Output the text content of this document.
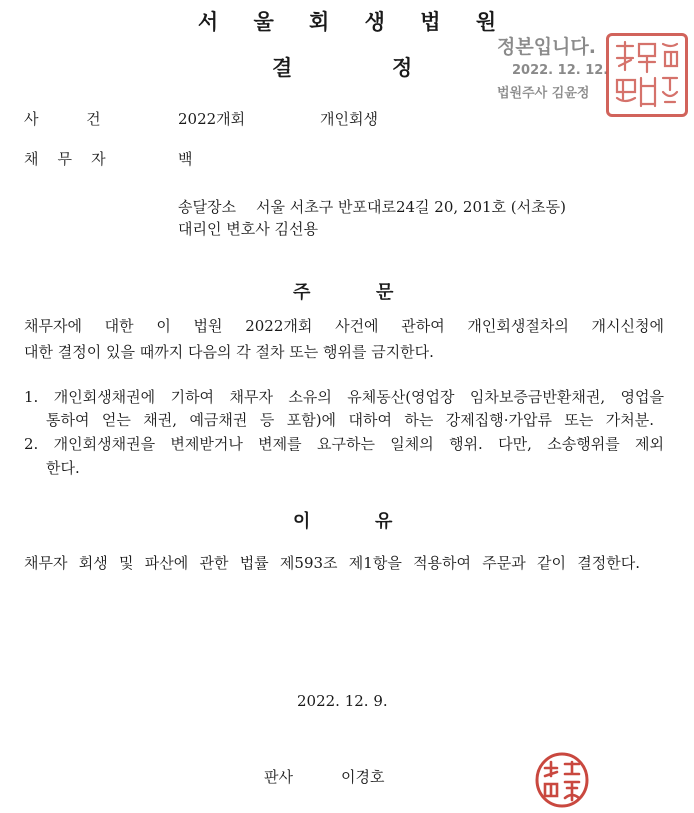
서 울 회 생 법 원
결	정
정본입니다.
2022. 12. 12.
법원주사 김윤정
사          건	2022개회	개인회생
채    무    자	백
송달장소 서울 서초구 반포대로24길 20, 201호 (서초동)
대리인 변호사 김선용
주	문
채무자에 대한 이 법원 2022개회 사건에 관하여 개인회생절차의 개시신청에
대한 결정이 있을 때까지 다음의 각 절차 또는 행위를 금지한다.
1. 개인회생채권에 기하여 채무자 소유의 유체동산(영업장 임차보증금반환채권, 영업을
통하여 얻는 채권, 예금채권 등 포함)에 대하여 하는 강제집행·가압류 또는 가처분.
2. 개인회생채권을 변제받거나 변제를 요구하는 일체의 행위. 다만, 소송행위를 제외
한다.
이	유
채무자 회생 및 파산에 관한 법률 제593조 제1항을 적용하여 주문과 같이 결정한다.
2022. 12. 9.
판사	이경호
